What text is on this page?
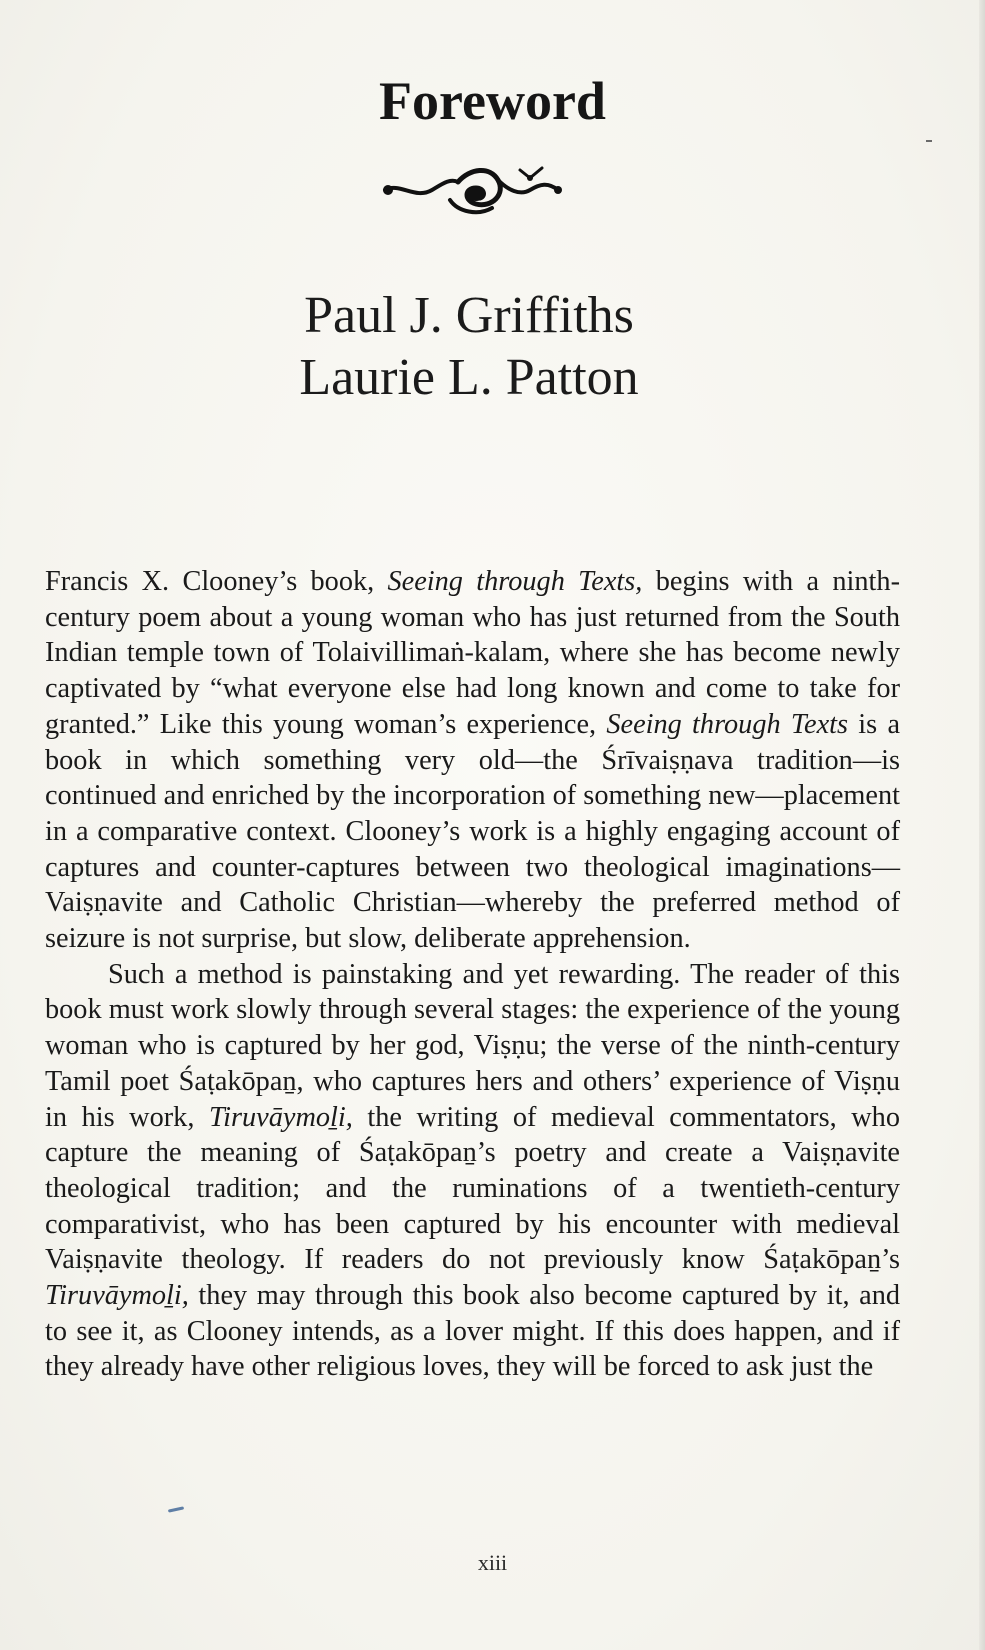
Foreword
Paul J. Griffiths
Laurie L. Patton

Francis X. Clooney’s book, Seeing through Texts, begins with a ninth-century poem about a young woman who has just returned from the South Indian temple town of Tolaivillimaṅ-kalam, where she has become newly captivated by “what everyone else had long known and come to take for granted.” Like this young woman’s experience, Seeing through Texts is a book in which something very old—the Śrīvaiṣṇava tradition—is continued and enriched by the incorporation of something new—placement in a comparative context. Clooney’s work is a highly engaging account of captures and counter-captures between two theological imaginations—Vaiṣṇavite and Catholic Christian—whereby the preferred method of seizure is not surprise, but slow, deliberate apprehension.

Such a method is painstaking and yet rewarding. The reader of this book must work slowly through several stages: the experience of the young woman who is captured by her god, Viṣṇu; the verse of the ninth-century Tamil poet Śaṭakōpaṉ, who captures hers and others’ experience of Viṣṇu in his work, Tiruvāymoḻi, the writing of medieval commentators, who capture the meaning of Śaṭakōpaṉ’s poetry and create a Vaiṣṇavite theological tradition; and the ruminations of a twentieth-century comparativist, who has been captured by his encounter with medieval Vaiṣṇavite theology. If readers do not previously know Śaṭakōpaṉ’s Tiruvāymoḻi, they may through this book also become captured by it, and to see it, as Clooney intends, as a lover might. If this does happen, and if they already have other religious loves, they will be forced to ask just the

xiii
